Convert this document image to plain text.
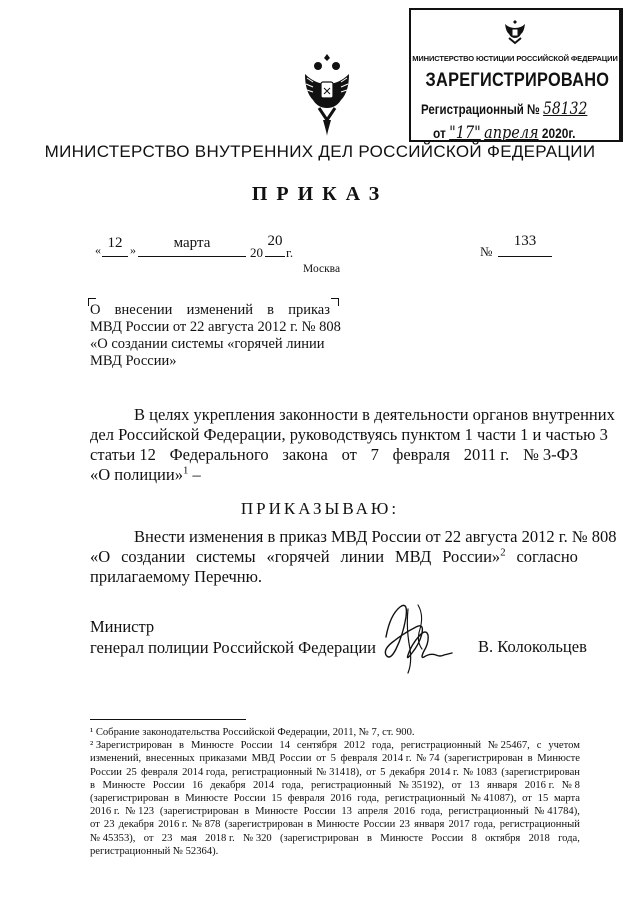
МИНИСТЕРСТВО ЮСТИЦИИ РОССИЙСКОЙ ФЕДЕРАЦИИ
ЗАРЕГИСТРИРОВАНО
Регистрационный № 58132
от "17" апреля 2020г.
МИНИСТЕРСТВО ВНУТРЕННИХ ДЕЛ РОССИЙСКОЙ ФЕДЕРАЦИИ
ПРИКАЗ
« 12 »	марта
20
20
г.	№
133
Москва
О внесении изменений в приказ
МВД России от 22 августа 2012 г. № 808
«О создании системы «горячей линии
МВД России»
В целях укрепления законности в деятельности органов внутренних
дел Российской Федерации, руководствуясь пунктом 1 части 1 и частью 3
статьи 12 Федерального закона от 7 февраля 2011 г. № 3-ФЗ
«О полиции»$^1$ –
ПРИКАЗЫВАЮ:
Внести изменения в приказ МВД России от 22 августа 2012 г. № 808
«О создании системы «горячей линии МВД России»$^2$ согласно
прилагаемому Перечню.
Министр
генерал полиции Российской Федерации	В. Колокольцев
¹ Собрание законодательства Российской Федерации, 2011, № 7, ст. 900.
² Зарегистрирован в Минюсте России 14 сентября 2012 года, регистрационный № 25467, с учетом
изменений, внесенных приказами МВД России от 5 февраля 2014 г. № 74 (зарегистрирован в Минюсте
России 25 февраля 2014 года, регистрационный № 31418), от 5 декабря 2014 г. № 1083 (зарегистрирован
в Минюсте России 16 декабря 2014 года, регистрационный № 35192), от 13 января 2016 г. № 8
(зарегистрирован в Минюсте России 15 февраля 2016 года, регистрационный № 41087), от 15 марта
2016 г. № 123 (зарегистрирован в Минюсте России 13 апреля 2016 года, регистрационный № 41784),
от 23 декабря 2016 г. № 878 (зарегистрирован в Минюсте России 23 января 2017 года, регистрационный
№ 45353), от 23 мая 2018 г. № 320 (зарегистрирован в Минюсте России 8 октября 2018 года,
регистрационный № 52364).
